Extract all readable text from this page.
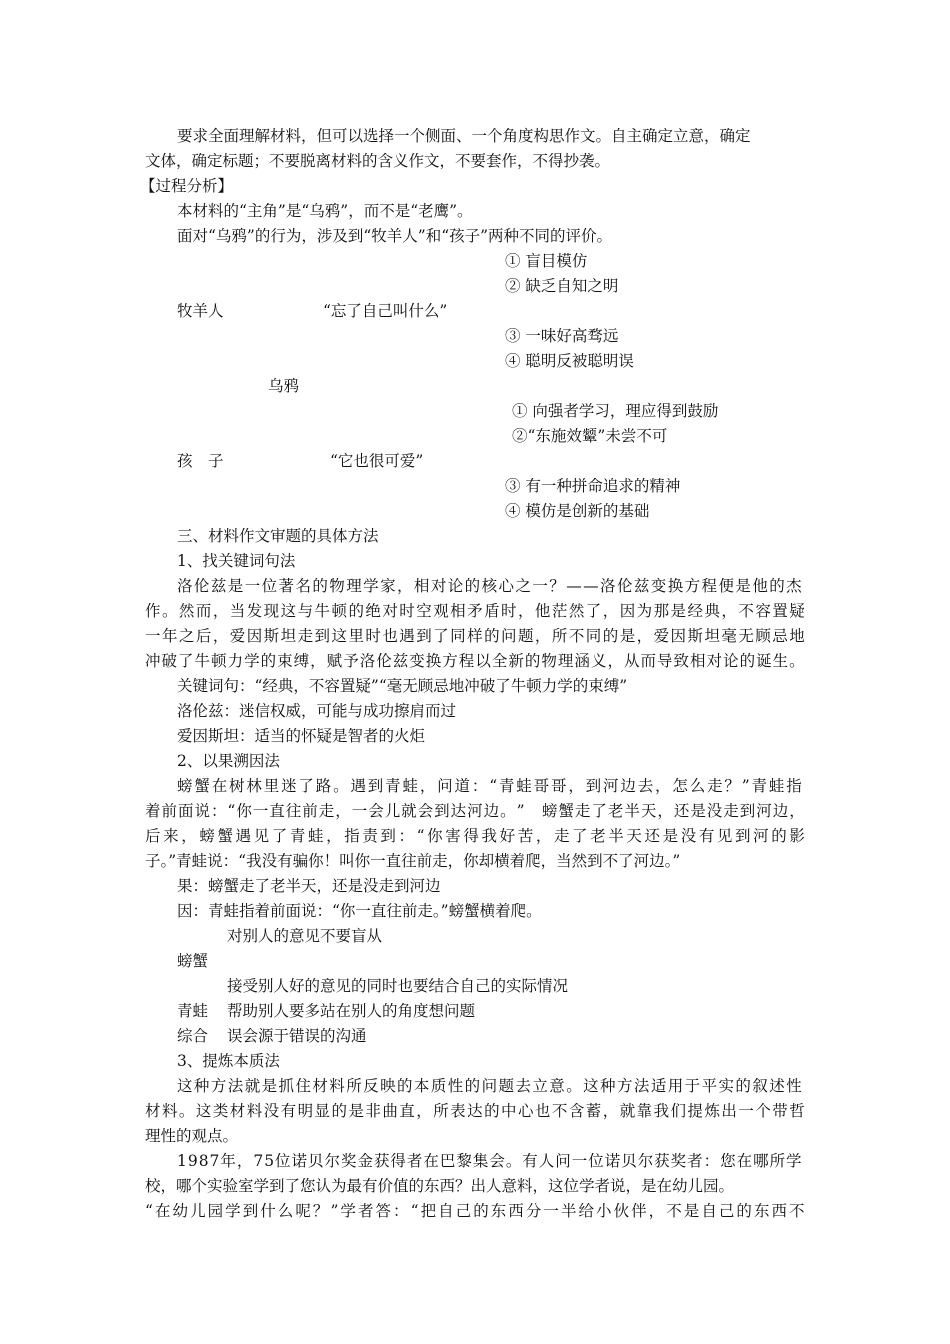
要求全面理解材料，但可以选择一个侧面、一个角度构思作文。自主确定立意，确定
文体，确定标题；不要脱离材料的含义作文，不要套作，不得抄袭。
【过程分析】
本材料的“主角”是“乌鸦”，而不是“老鹰”。
面对“乌鸦”的行为，涉及到“牧羊人”和“孩子”两种不同的评价。
① 盲目模仿
② 缺乏自知之明
牧羊人	“忘了自己叫什么”
③ 一味好高骛远
④ 聪明反被聪明误
乌鸦
① 向强者学习，理应得到鼓励
②“东施效颦”未尝不可
孩　子	“它也很可爱”
③ 有一种拼命追求的精神
④ 模仿是创新的基础
三、材料作文审题的具体方法
1、找关键词句法
洛 伦 兹 是 一 位 著 名 的 物 理 学 家 ， 相 对 论 的 核 心 之 一 ？ — — 洛 伦 兹 变 换 方 程 便 是 他 的 杰
作 。 然 而 ， 当 发 现 这 与 牛 顿 的 绝 对 时 空 观 相 矛 盾 时 ， 他 茫 然 了 ， 因 为 那 是 经 典 ， 不 容 置 疑
一 年 之 后 ， 爱 因 斯 坦 走 到 这 里 时 也 遇 到 了 同 样 的 问 题 ， 所 不 同 的 是 ， 爱 因 斯 坦 毫 无 顾 忌 地
冲 破 了 牛 顿 力 学 的 束 缚 ， 赋 予 洛 伦 兹 变 换 方 程 以 全 新 的 物 理 涵 义 ， 从 而 导 致 相 对 论 的 诞 生 。
关键词句：“经典，不容置疑”“毫无顾忌地冲破了牛顿力学的束缚”
洛伦兹：迷信权威，可能与成功擦肩而过
爱因斯坦：适当的怀疑是智者的火炬
2、以果溯因法
螃 蟹 在 树 林 里 迷 了 路 。 遇 到 青 蛙 ， 问 道 ： “ 青 蛙 哥 哥 ， 到 河 边 去 ， 怎 么 走 ？ ” 青 蛙 指
着 前 面 说 ： “ 你 一 直 往 前 走 ， 一 会 儿 就 会 到 达 河 边 。 ”
　 螃 蟹 走 了 老 半 天 ， 还 是 没 走 到 河 边 ，
后 来 ， 螃 蟹 遇 见 了 青 蛙 ， 指 责 到 ： “ 你 害 得 我 好 苦 ， 走 了 老 半 天 还 是 没 有 见 到 河 的 影
子。”青蛙说：“我没有骗你！叫你一直往前走，你却横着爬，当然到不了河边。”
果：螃蟹走了老半天，还是没走到河边
因：青蛙指着前面说：“你一直往前走。”螃蟹横着爬。
对别人的意见不要盲从
螃蟹
接受别人好的意见的同时也要结合自己的实际情况
青蛙 帮助别人要多站在别人的角度想问题
综合 误会源于错误的沟通
3、提炼本质法
这 种 方 法 就 是 抓 住 材 料 所 反 映 的 本 质 性 的 问 题 去 立 意 。 这 种 方 法 适 用 于 平 实 的 叙 述 性
材 料 。 这 类 材 料 没 有 明 显 的 是 非 曲 直 ， 所 表 达 的 中 心 也 不 含 蓄 ， 就 靠 我 们 提 炼 出 一 个 带 哲
理性的观点。
1 9 8 7 年 ， 7 5 位 诺 贝 尔 奖 金 获 得 者 在 巴 黎 集 会 。 有 人 问 一 位 诺 贝 尔 获 奖 者 ： 您 在 哪 所 学
校，哪个实验室学到了您认为最有价值的东西？出人意料，这位学者说，是在幼儿园。
“ 在 幼 儿 园 学 到 什 么 呢 ？ ” 学 者 答 ： “ 把 自 己 的 东 西 分 一 半 给 小 伙 伴 ， 不 是 自 己 的 东 西 不
